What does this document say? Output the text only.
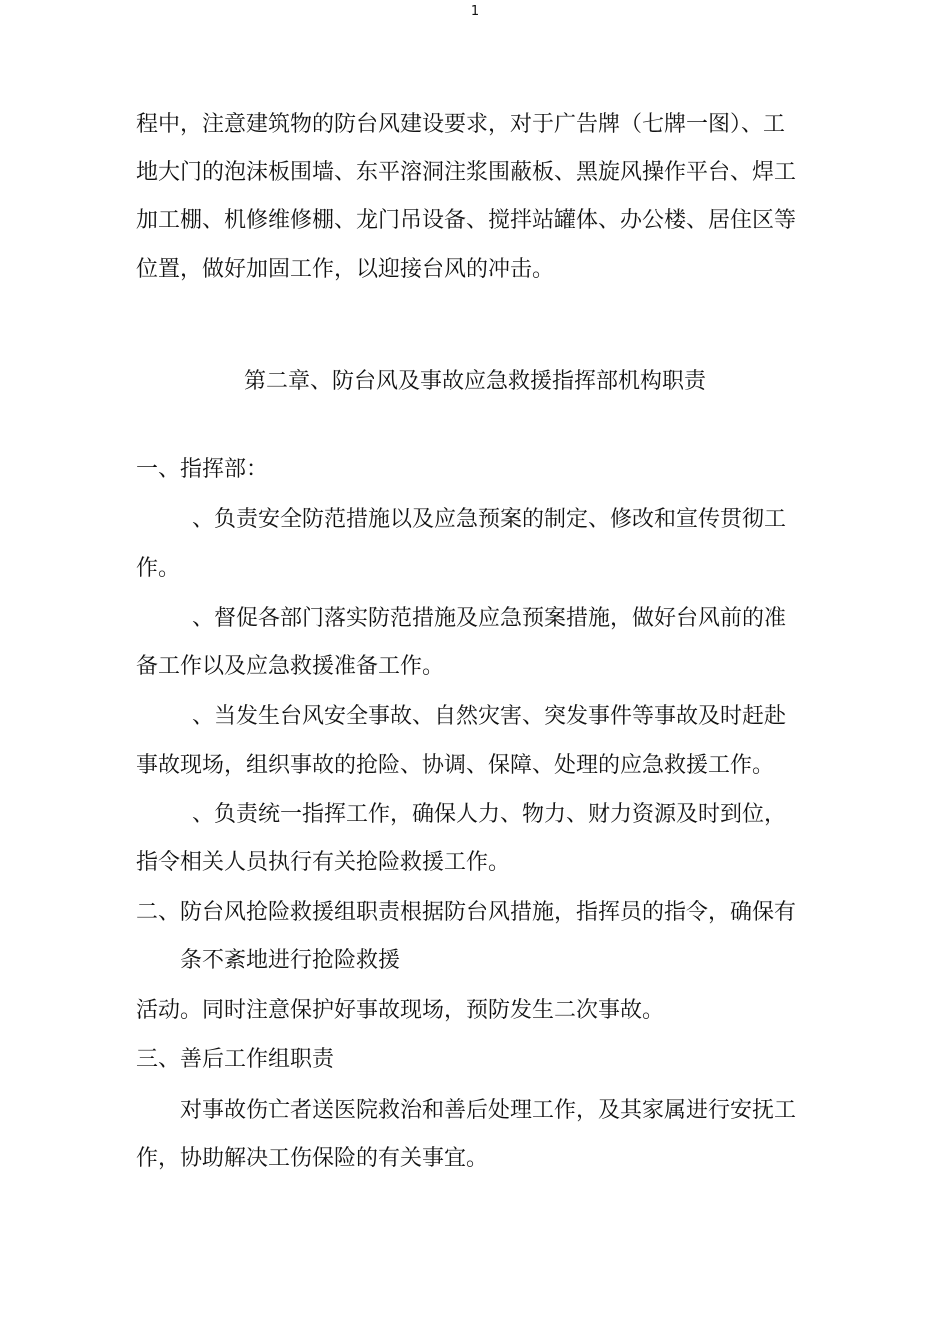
1
程中，注意建筑物的防台风建设要求，对于广告牌（七牌一图）、工
地大门的泡沫板围墙、东平溶洞注浆围蔽板、黑旋风操作平台、焊工
加工棚、机修维修棚、龙门吊设备、搅拌站罐体、办公楼、居住区等
位置，做好加固工作，以迎接台风的冲击。
第二章、防台风及事故应急救援指挥部机构职责
一、指挥部：
、负责安全防范措施以及应急预案的制定、修改和宣传贯彻工
作。
、督促各部门落实防范措施及应急预案措施，做好台风前的准
备工作以及应急救援准备工作。
、当发生台风安全事故、自然灾害、突发事件等事故及时赶赴
事故现场，组织事故的抢险、协调、保障、处理的应急救援工作。
、负责统一指挥工作，确保人力、物力、财力资源及时到位，
指令相关人员执行有关抢险救援工作。
二、防台风抢险救援组职责根据防台风措施，指挥员的指令，确保有
条不紊地进行抢险救援
活动。同时注意保护好事故现场，预防发生二次事故。
三、善后工作组职责
对事故伤亡者送医院救治和善后处理工作，及其家属进行安抚工
作，协助解决工伤保险的有关事宜。
